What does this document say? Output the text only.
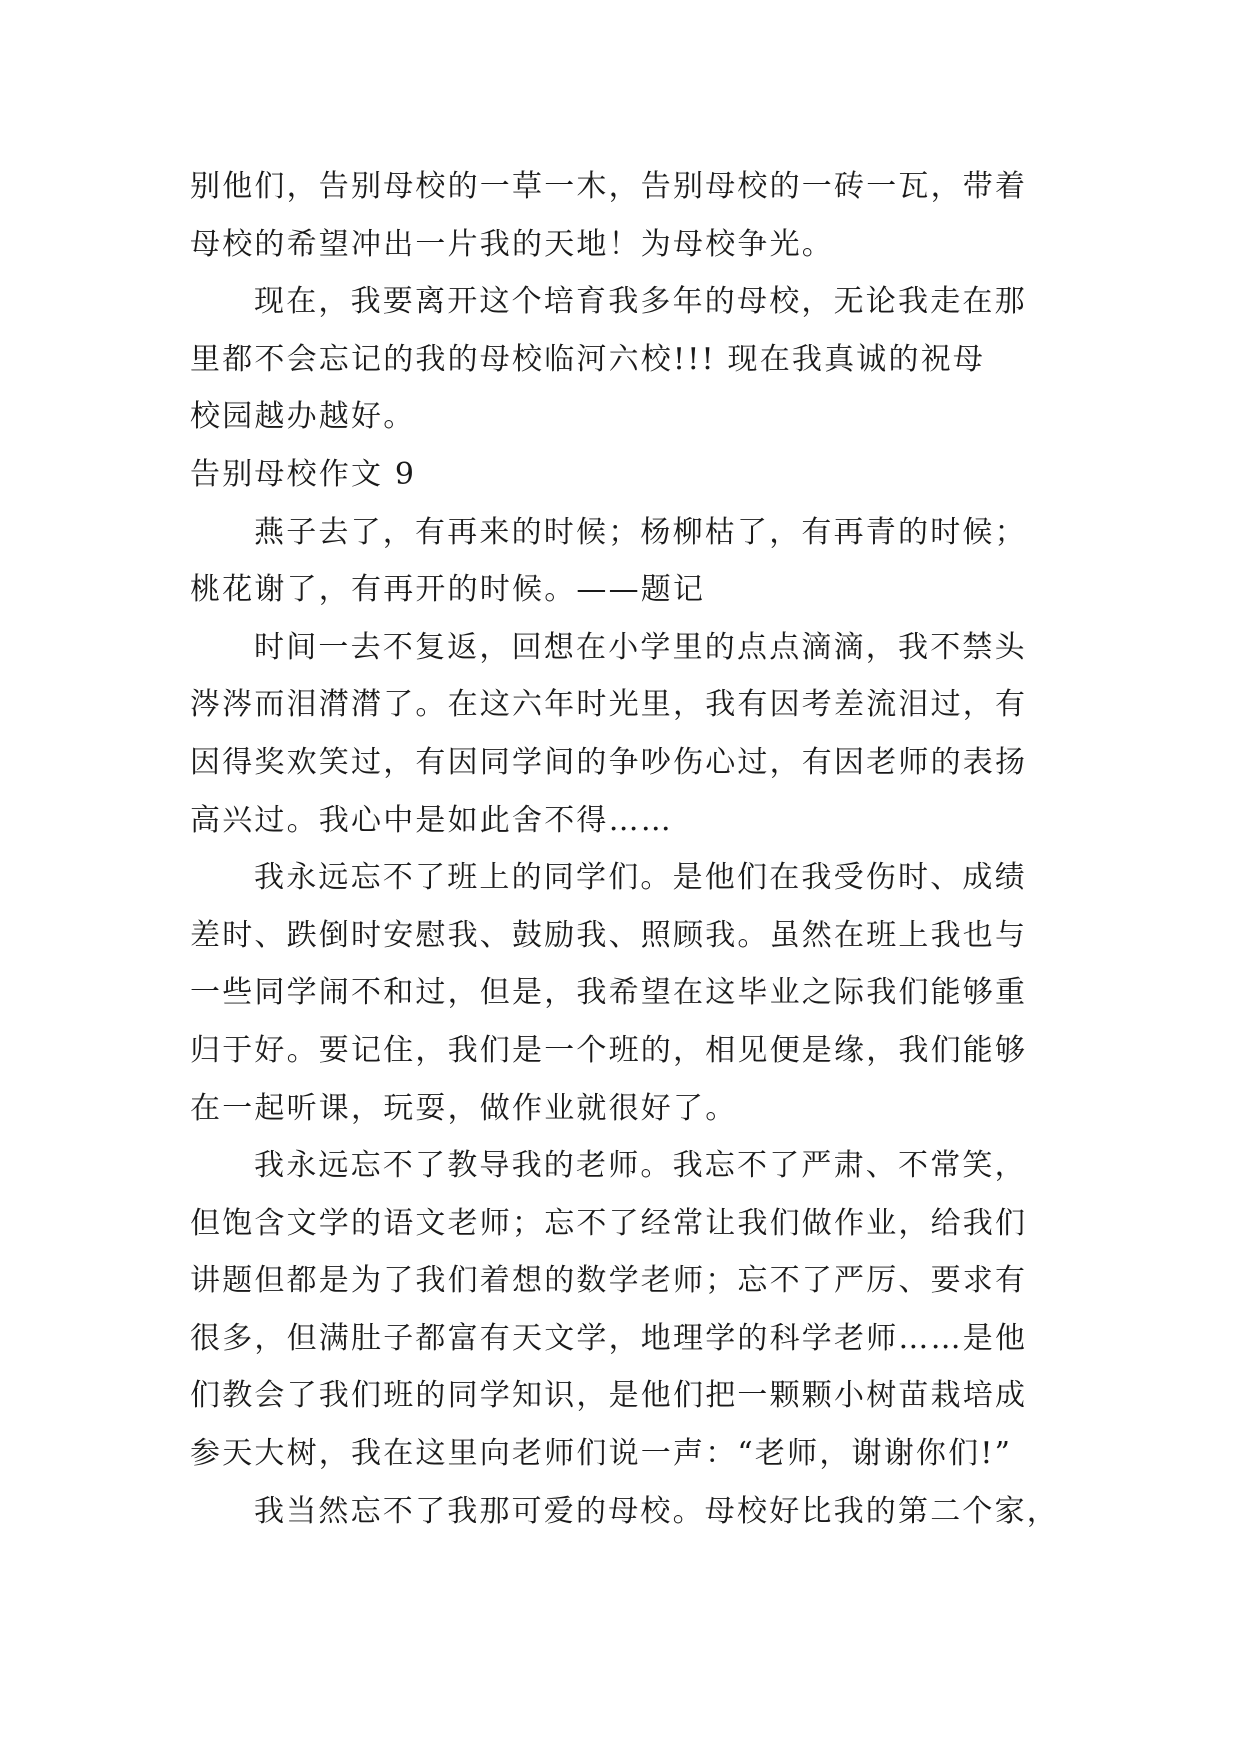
别他们，告别母校的一草一木，告别母校的一砖一瓦，带着
母校的希望冲出一片我的天地！为母校争光。
现在，我要离开这个培育我多年的母校，无论我走在那
里都不会忘记的我的母校临河六校!!! 现在我真诚的祝母
校园越办越好。
告别母校作文 9
燕子去了，有再来的时候；杨柳枯了，有再青的时候；
桃花谢了，有再开的时候。——题记
时间一去不复返，回想在小学里的点点滴滴，我不禁头
涔涔而泪潸潸了。在这六年时光里，我有因考差流泪过，有
因得奖欢笑过，有因同学间的争吵伤心过，有因老师的表扬
高兴过。我心中是如此舍不得……
我永远忘不了班上的同学们。是他们在我受伤时、成绩
差时、跌倒时安慰我、鼓励我、照顾我。虽然在班上我也与
一些同学闹不和过，但是，我希望在这毕业之际我们能够重
归于好。要记住，我们是一个班的，相见便是缘，我们能够
在一起听课，玩耍，做作业就很好了。
我永远忘不了教导我的老师。我忘不了严肃、不常笑，
但饱含文学的语文老师；忘不了经常让我们做作业，给我们
讲题但都是为了我们着想的数学老师；忘不了严厉、要求有
很多，但满肚子都富有天文学，地理学的科学老师……是他
们教会了我们班的同学知识，是他们把一颗颗小树苗栽培成
参天大树，我在这里向老师们说一声：“老师，谢谢你们!”
我当然忘不了我那可爱的母校。母校好比我的第二个家，
